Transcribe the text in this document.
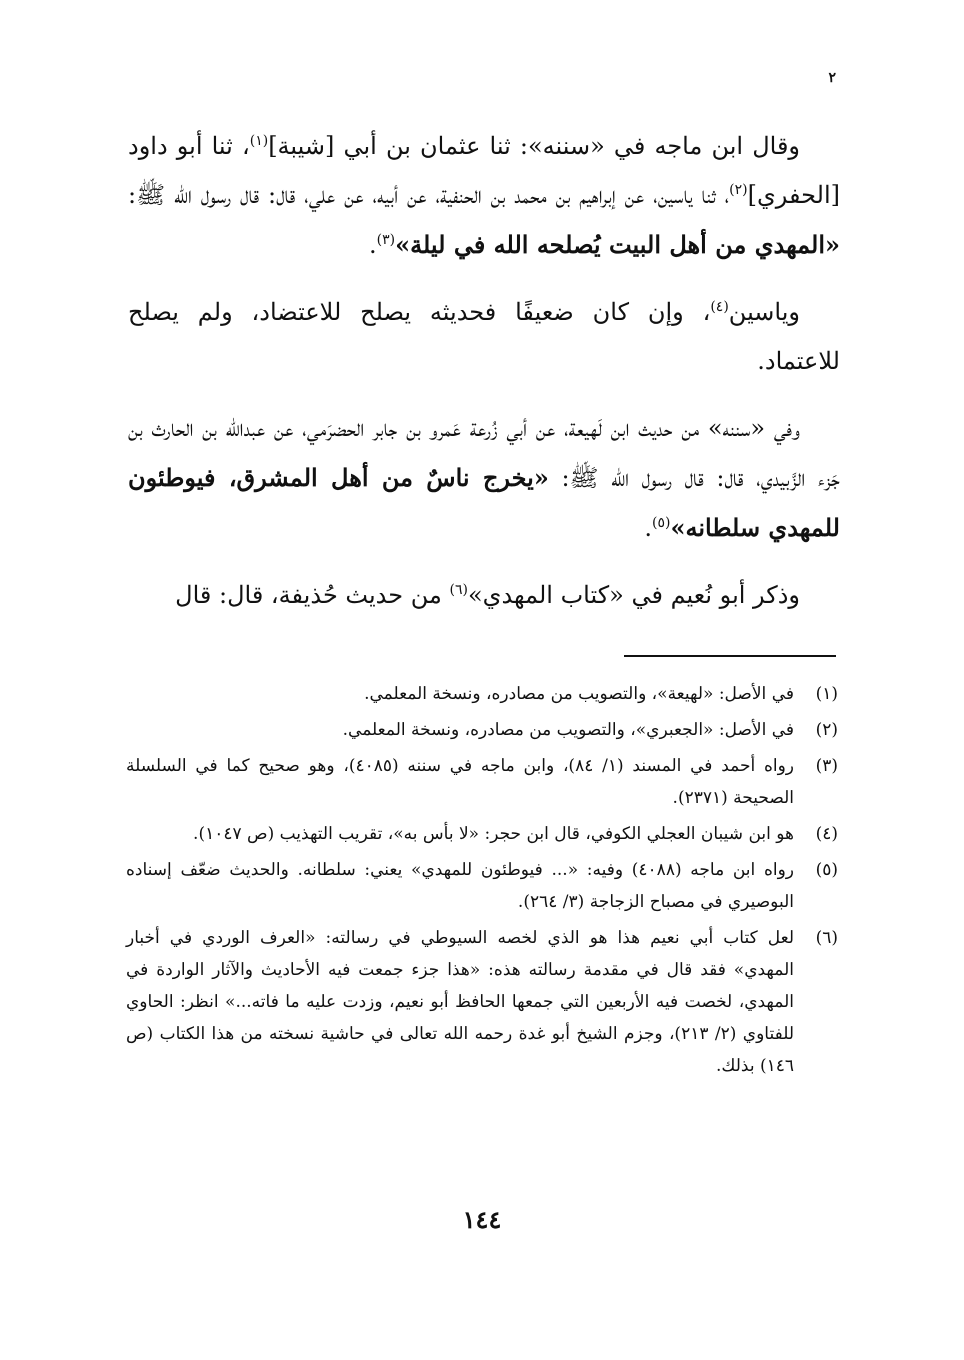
٢

وقال ابن ماجه في «سننه»: ثنا عثمان بن أبي [شيبة]$^{(١)}$، ثنا أبو داود [الحفري]$^{(٢)}$، ثنا ياسين، عن إبراهيم بن محمد بن الحنفية، عن أبيه، عن علي، قال: قال رسول الله ﷺ: «المهدي من أهل البيت يُصلحه الله في ليلة»$^{(٣)}$.

وياسين$^{(٤)}$، وإن كان ضعيفًا فحديثه يصلح للاعتضاد، ولم يصلح للاعتماد.

وفي «سننه» من حديث ابن لَهيعة، عن أبي زُرعة عَمرو بن جابر الحضرَمي، عن عبدالله بن الحارث بن جَزء الزَّبيدي، قال: قال رسول الله ﷺ: «يخرج ناسٌ من أهل المشرق، فيوطئون للمهدي سلطانه»$^{(٥)}$.

وذكر أبو نُعيم في «كتاب المهدي»$^{(٦)}$ من حديث حُذيفة، قال: قال

(١)
في الأصل: «لهيعة»، والتصويب من مصادره، ونسخة المعلمي.
(٢)
في الأصل: «الجعبري»، والتصويب من مصادره، ونسخة المعلمي.
(٣)
رواه أحمد في المسند (١/ ٨٤)، وابن ماجه في سننه (٤٠٨٥)، وهو صحيح كما في السلسلة الصحيحة (٢٣٧١).
(٤)
هو ابن شيبان العجلي الكوفي، قال ابن حجر: «لا بأس به»، تقريب التهذيب (ص ١٠٤٧).
(٥)
رواه ابن ماجه (٤٠٨٨) وفيه: «... فيوطئون للمهدي» يعني: سلطانه. والحديث ضعّف إسناده البوصيري في مصباح الزجاجة (٣/ ٢٦٤).
(٦)
لعل كتاب أبي نعيم هذا هو الذي لخصه السيوطي في رسالته: «العرف الوردي في أخبار المهدي» فقد قال في مقدمة رسالته هذه: «هذا جزء جمعت فيه الأحاديث والآثار الواردة في المهدي، لخصت فيه الأربعين التي جمعها الحافظ أبو نعيم، وزدت عليه ما فاته...» انظر: الحاوي للفتاوي (٢/ ٢١٣)، وجزم الشيخ أبو غدة رحمه الله تعالى في حاشية نسخته من هذا الكتاب (ص ١٤٦) بذلك.
١٤٤
